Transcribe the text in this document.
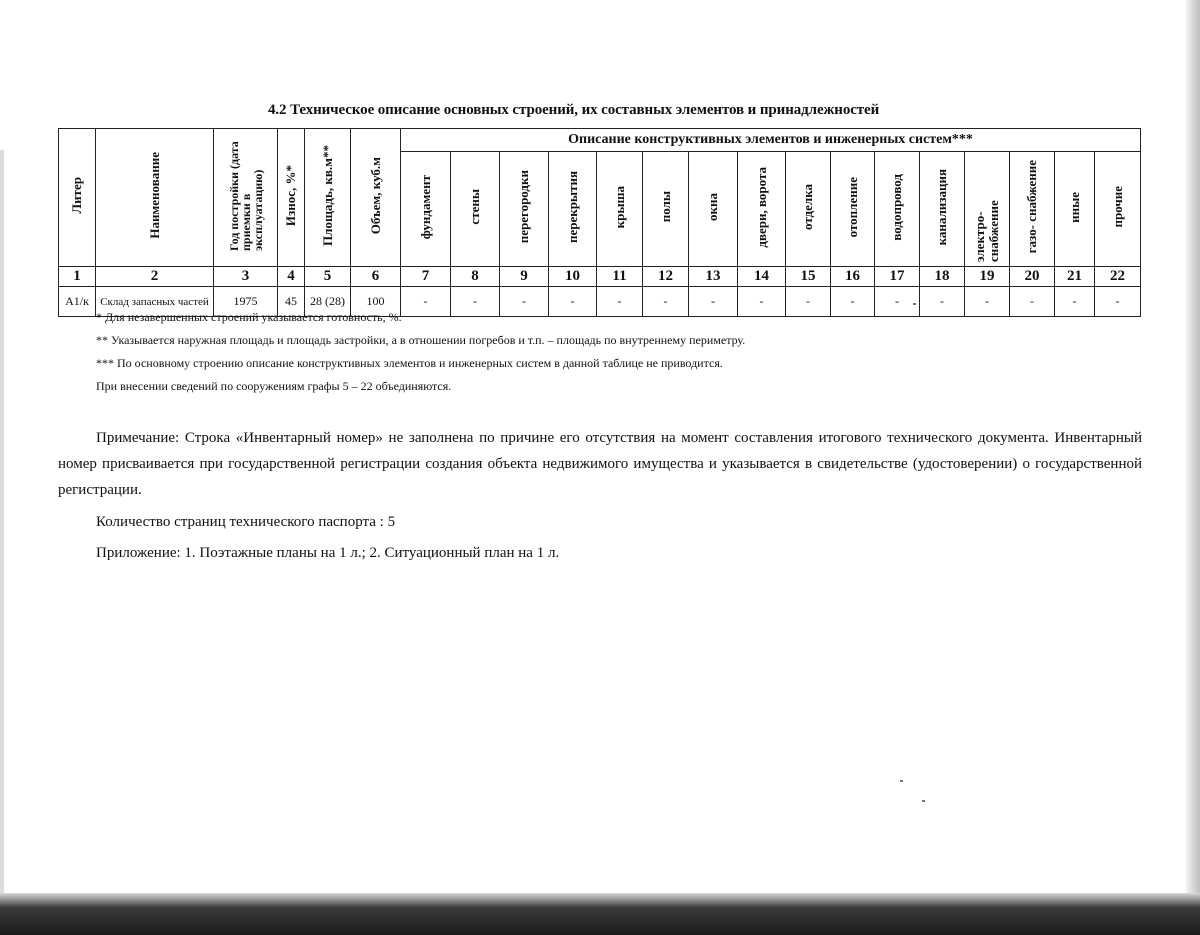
4.2 Техническое описание основных строений, их составных элементов и принадлежностей
Литер	Наименование	Год постройки (дата приемки в эксплуатацию)	Износ, %*	Площадь, кв.м**	Объем, куб.м	Описание конструктивных элементов и инженерных систем***															
						фундамент	стены	перегородки	перекрытия	крыша	полы	окна	двери, ворота	отделка	отопление	водопровод	канализация	электро- снабжение	газо- снабжение	иные	прочие
1	2	3	4	5	6	7	8	9	10	11	12	13	14	15	16	17	18	19	20	21	22
А1/к	Склад запасных частей	1975	45	28 (28)	100	-	-	-	-	-	-	-	-	-	-	-	-	-	-	-	-
* Для незавершенных строений указывается готовность, %.
** Указывается наружная площадь и площадь застройки, а в отношении погребов и т.п. – площадь по внутреннему периметру.
*** По основному строению описание конструктивных элементов и инженерных систем в данной таблице не приводится.
При внесении сведений по сооружениям графы 5 – 22 объединяются.
Примечание: Строка «Инвентарный номер» не заполнена по причине его отсутствия на момент составления итогового технического документа. Инвентарный номер присваивается при государственной регистрации создания объекта недвижимого имущества и указывается в свидетельстве (удостоверении) о государственной регистрации.
Количество страниц технического паспорта : 5
Приложение: 1. Поэтажные планы на 1 л.; 2. Ситуационный план на 1 л.
